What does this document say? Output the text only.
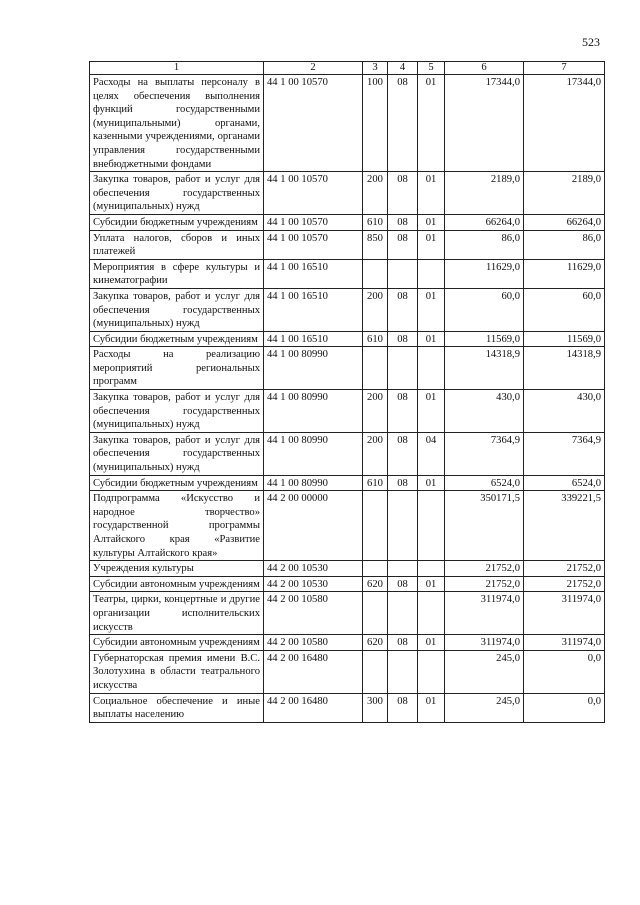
523
1	2	3	4	5	6	7
Расходы на выплаты персоналу в целях обеспечения выполнения функций государственными (муниципальными) органами, казенными учреждениями, органами управления государственными внебюджетными фондами	44 1 00 10570	100	08	01	17344,0	17344,0
Закупка товаров, работ и услуг для обеспечения государственных (муниципальных) нужд	44 1 00 10570	200	08	01	2189,0	2189,0
Субсидии бюджетным учреждениям	44 1 00 10570	610	08	01	66264,0	66264,0
Уплата налогов, сборов и иных платежей	44 1 00 10570	850	08	01	86,0	86,0
Мероприятия в сфере культуры и кинематографии	44 1 00 16510				11629,0	11629,0
Закупка товаров, работ и услуг для обеспечения государственных (муниципальных) нужд	44 1 00 16510	200	08	01	60,0	60,0
Субсидии бюджетным учреждениям	44 1 00 16510	610	08	01	11569,0	11569,0
Расходы на реализацию мероприятий региональных программ	44 1 00 80990				14318,9	14318,9
Закупка товаров, работ и услуг для обеспечения государственных (муниципальных) нужд	44 1 00 80990	200	08	01	430,0	430,0
Закупка товаров, работ и услуг для обеспечения государственных (муниципальных) нужд	44 1 00 80990	200	08	04	7364,9	7364,9
Субсидии бюджетным учреждениям	44 1 00 80990	610	08	01	6524,0	6524,0
Подпрограмма «Искусство и народное творчество» государственной программы Алтайского края «Развитие культуры Алтайского края»	44 2 00 00000				350171,5	339221,5
Учреждения культуры	44 2 00 10530				21752,0	21752,0
Субсидии автономным учреждениям	44 2 00 10530	620	08	01	21752,0	21752,0
Театры, цирки, концертные и другие организации исполнительских искусств	44 2 00 10580				311974,0	311974,0
Субсидии автономным учреждениям	44 2 00 10580	620	08	01	311974,0	311974,0
Губернаторская премия имени В.С. Золотухина в области театрального искусства	44 2 00 16480				245,0	0,0
Социальное обеспечение и иные выплаты населению	44 2 00 16480	300	08	01	245,0	0,0
